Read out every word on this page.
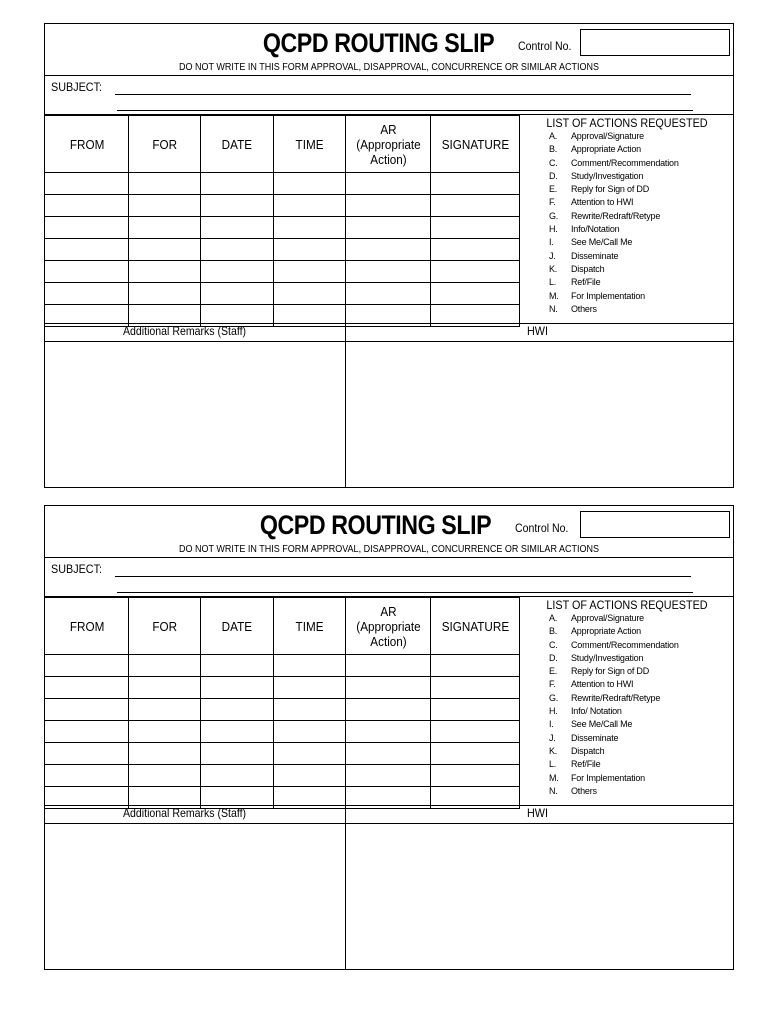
QCPD ROUTING SLIP	Control No.
DO NOT WRITE IN THIS FORM APPROVAL, DISAPPROVAL, CONCURRENCE OR SIMILAR ACTIONS
SUBJECT:
FROM	FOR	DATE	TIME	AR (Appropriate Action)	SIGNATURE

LIST OF ACTIONS REQUESTED
A. Approval/Signature
B. Appropriate Action
C. Comment/Recommendation
D. Study/Investigation
E. Reply for Sign of DD
F. Attention to HWI
G. Rewrite/Redraft/Retype
H. Info/Notation
I. See Me/Call Me
J. Disseminate
K. Dispatch
L. Ref/File
M. For Implementation
N. Others
Additional Remarks (Staff)	HWI
QCPD ROUTING SLIP	Control No.
DO NOT WRITE IN THIS FORM APPROVAL, DISAPPROVAL, CONCURRENCE OR SIMILAR ACTIONS
SUBJECT:
FROM	FOR	DATE	TIME	AR (Appropriate Action)	SIGNATURE

LIST OF ACTIONS REQUESTED
A. Approval/Signature
B. Appropriate Action
C. Comment/Recommendation
D. Study/Investigation
E. Reply for Sign of DD
F. Attention to HWI
G. Rewrite/Redraft/Retype
H. Info/ Notation
I. See Me/Call Me
J. Disseminate
K. Dispatch
L. Ref/File
M. For Implementation
N. Others
Additional Remarks (Staff)	HWI
